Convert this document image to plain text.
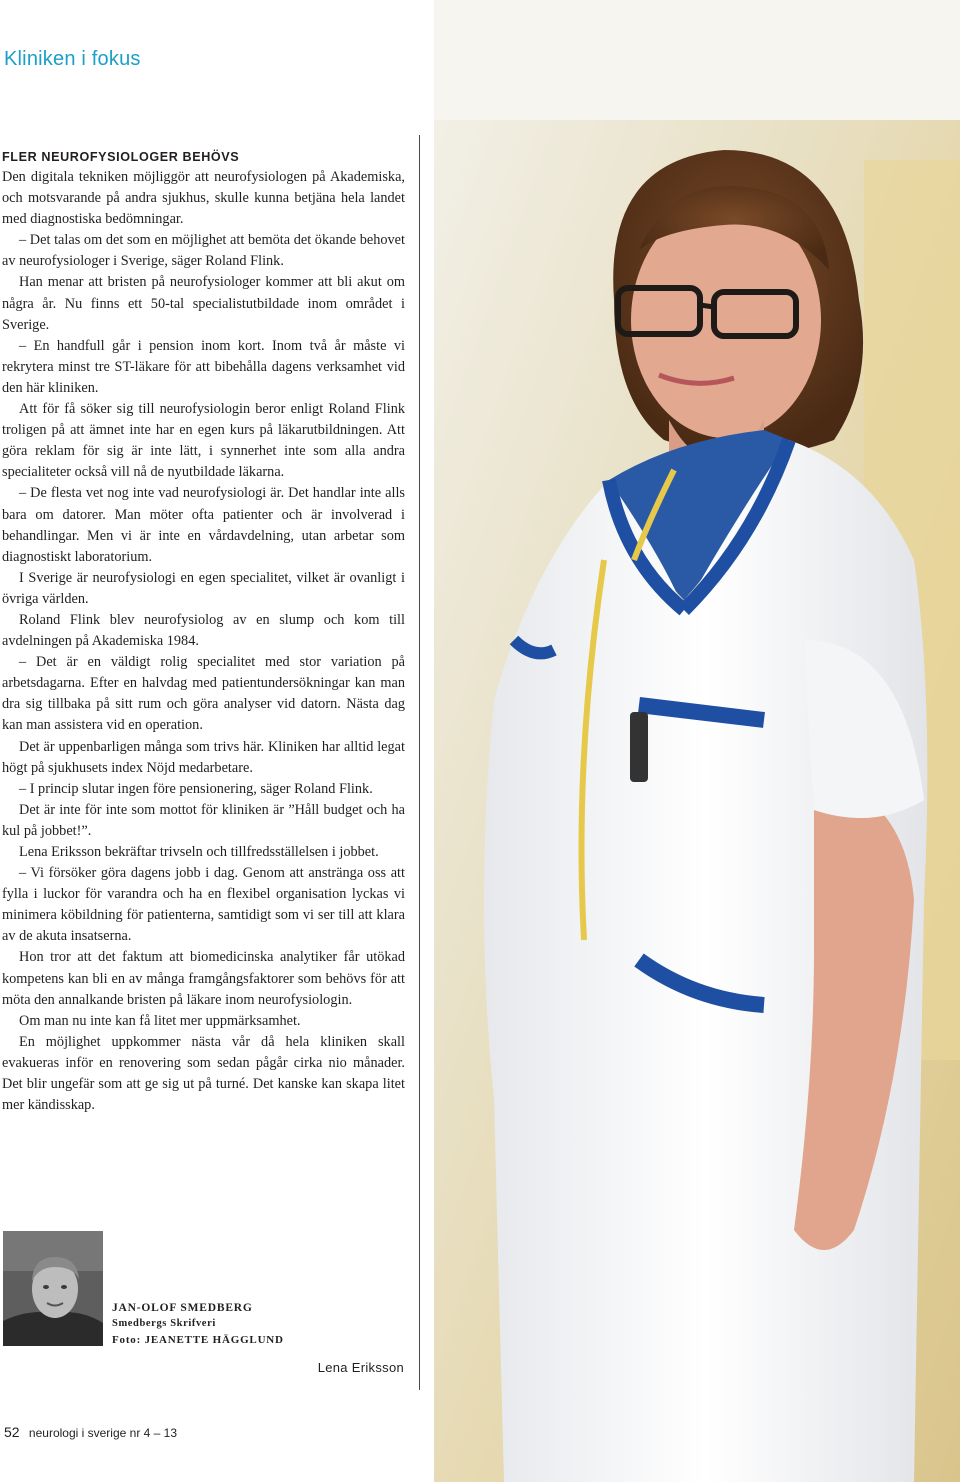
Kliniken i fokus
FLER NEUROFYSIOLOGER BEHÖVS

Den digitala tekniken möjliggör att neurofysiologen på Akademiska, och motsvarande på andra sjukhus, skulle kunna betjäna hela landet med diagnostiska bedömningar.

– Det talas om det som en möjlighet att bemöta det ökande behovet av neurofysiologer i Sverige, säger Roland Flink.

Han menar att bristen på neurofysiologer kommer att bli akut om några år. Nu finns ett 50-tal specialistutbildade inom området i Sverige.

– En handfull går i pension inom kort. Inom två år måste vi rekrytera minst tre ST-läkare för att bibehålla dagens verksamhet vid den här kliniken.

Att för få söker sig till neurofysiologin beror enligt Roland Flink troligen på att ämnet inte har en egen kurs på läkarutbildningen. Att göra reklam för sig är inte lätt, i synnerhet inte som alla andra specialiteter också vill nå de nyutbildade läkarna.

– De flesta vet nog inte vad neurofysiologi är. Det handlar inte alls bara om datorer. Man möter ofta patienter och är involverad i behandlingar. Men vi är inte en vårdavdelning, utan arbetar som diagnostiskt laboratorium.

I Sverige är neurofysiologi en egen specialitet, vilket är ovanligt i övriga världen.

Roland Flink blev neurofysiolog av en slump och kom till avdelningen på Akademiska 1984.

– Det är en väldigt rolig specialitet med stor variation på arbetsdagarna. Efter en halvdag med patientundersökningar kan man dra sig tillbaka på sitt rum och göra analyser vid datorn. Nästa dag kan man assistera vid en operation.

Det är uppenbarligen många som trivs här. Kliniken har alltid legat högt på sjukhusets index Nöjd medarbetare.

– I princip slutar ingen före pensionering, säger Roland Flink.

Det är inte för inte som mottot för kliniken är ”Håll budget och ha kul på jobbet!”.

Lena Eriksson bekräftar trivseln och tillfredsställelsen i jobbet.

– Vi försöker göra dagens jobb i dag. Genom att anstränga oss att fylla i luckor för varandra och ha en flexibel organisation lyckas vi minimera köbildning för patienterna, samtidigt som vi ser till att klara av de akuta insatserna.

Hon tror att det faktum att biomedicinska analytiker får utökad kompetens kan bli en av många framgångsfaktorer som behövs för att möta den annalkande bristen på läkare inom neurofysiologin.

Om man nu inte kan få litet mer uppmärksamhet.

En möjlighet uppkommer nästa vår då hela kliniken skall evakueras inför en renovering som sedan pågår cirka nio månader. Det blir ungefär som att ge sig ut på turné. Det kanske kan skapa litet mer kändisskap.

JAN-OLOF SMEDBERG
Smedbergs Skrifveri
Foto: JEANETTE HÄGGLUND
Lena Eriksson
52 neurologi i sverige nr 4 – 13
